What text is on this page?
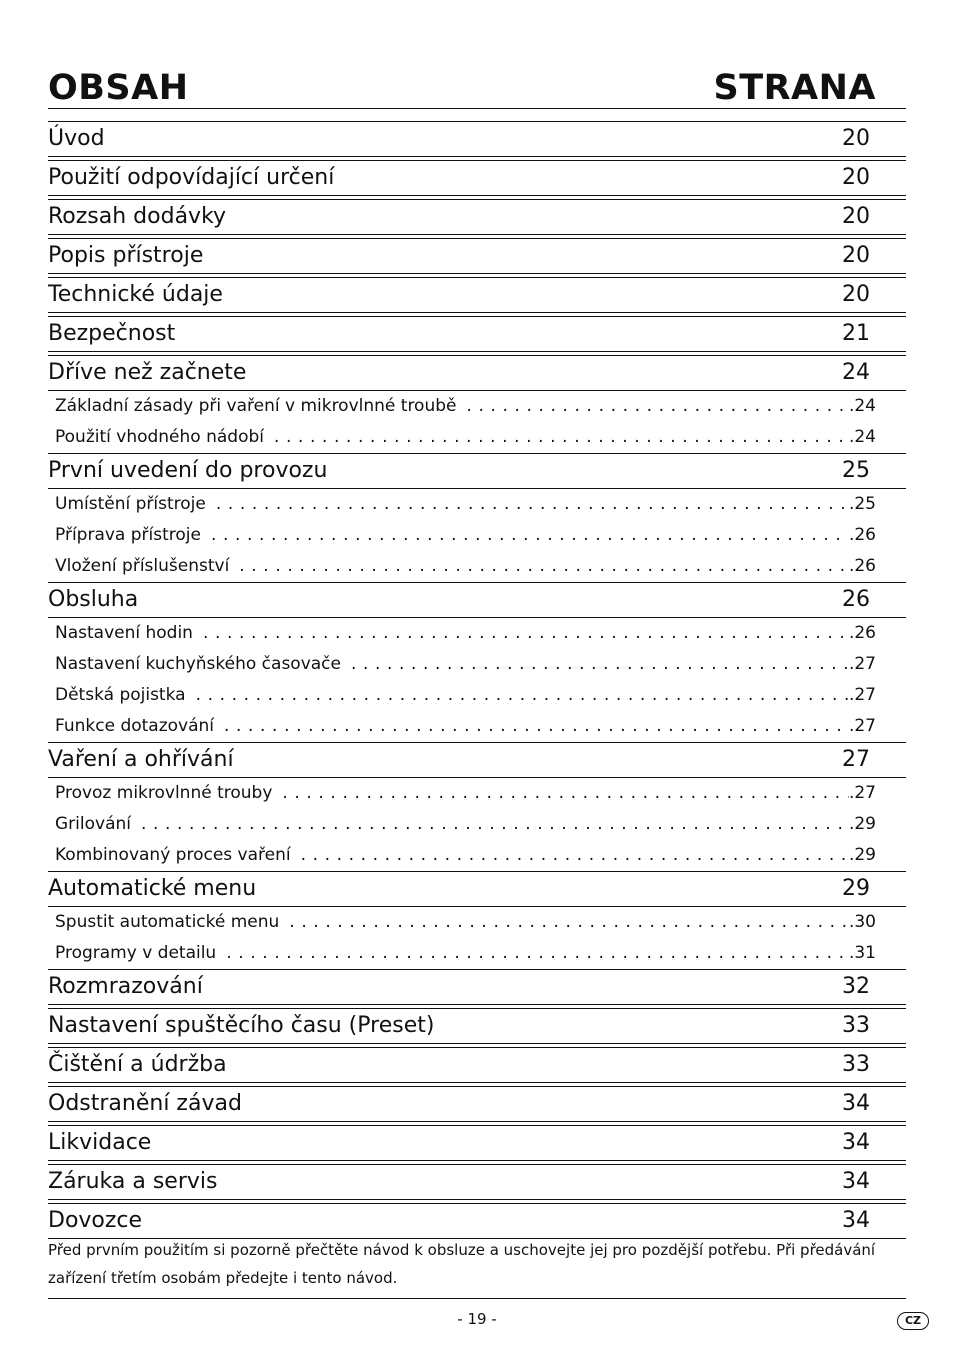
OBSAH	STRANA
Úvod	20
Použití odpovídající určení	20
Rozsah dodávky	20
Popis přístroje	20
Technické údaje	20
Bezpečnost	21
Dříve než začnete	24
Základní zásady při vaření v mikrovlnné troubě . . .	.24
Použití vhodného nádobí . . .	.24
První uvedení do provozu	25
Umístění přístroje . . .	.25
Příprava přístroje . . .	.26
Vložení příslušenství . . .	.26
Obsluha	26
Nastavení hodin . . .	.26
Nastavení kuchyňského časovače . . .	.27
Dětská pojistka . . .	.27
Funkce dotazování . . .	.27
Vaření a ohřívání	27
Provoz mikrovlnné trouby . . .	.27
Grilování . . .	.29
Kombinovaný proces vaření . . .	.29
Automatické menu	29
Spustit automatické menu . . .	.30
Programy v detailu . . .	.31
Rozmrazování	32
Nastavení spuštěcího času (Preset)	33
Čištění a údržba	33
Odstranění závad	34
Likvidace	34
Záruka a servis	34
Dovozce	34
Před prvním použitím si pozorně přečtěte návod k obsluze a uschovejte jej pro pozdější potřebu. Při předávání
zařízení třetím osobám předejte i tento návod.
- 19 -	CZ
